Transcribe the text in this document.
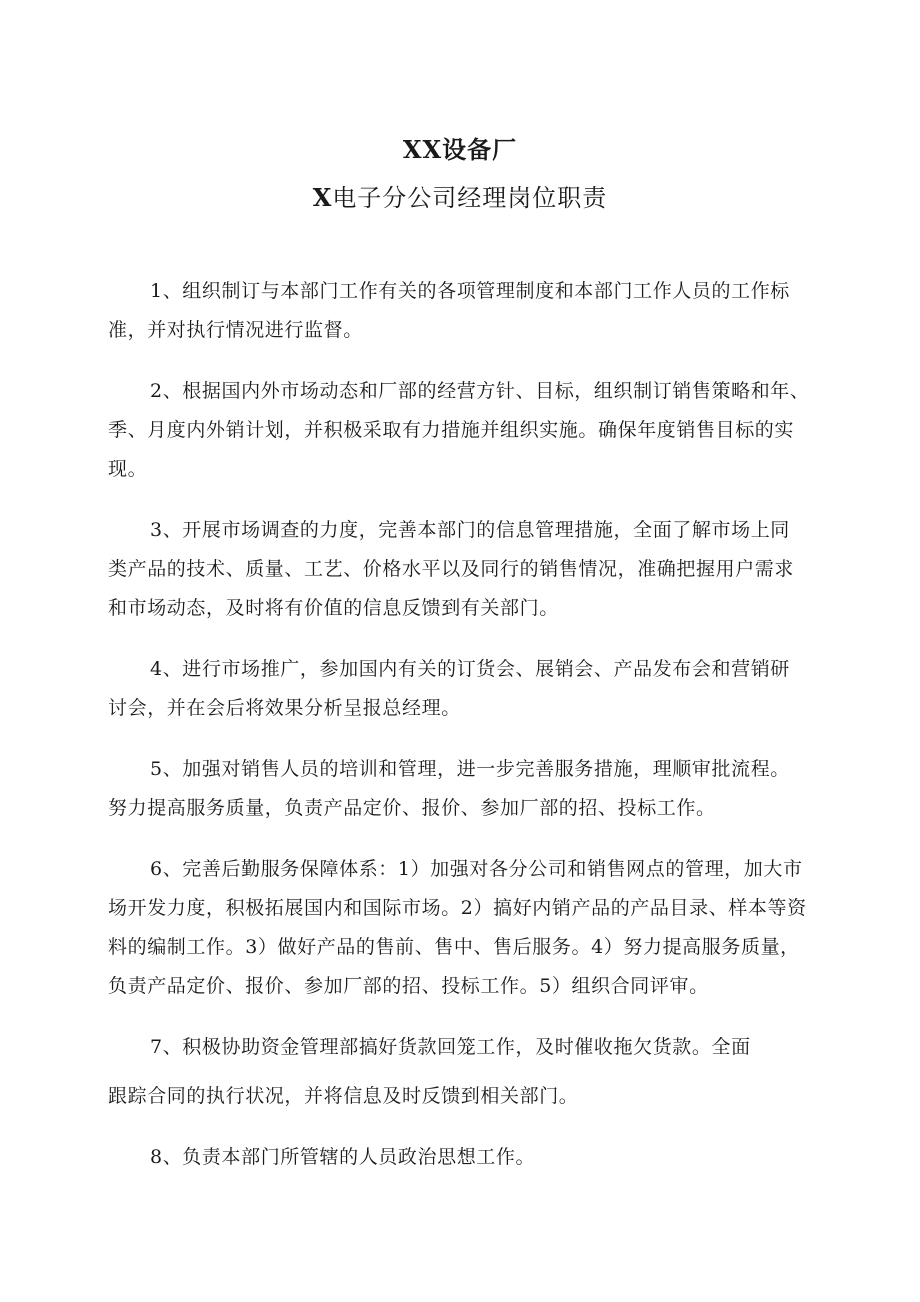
XX设备厂
X电子分公司经理岗位职责
1、组织制订与本部门工作有关的各项管理制度和本部门工作人员的工作标
准，并对执行情况进行监督。
2、根据国内外市场动态和厂部的经营方针、目标，组织制订销售策略和年、
季、月度内外销计划，并积极采取有力措施并组织实施。确保年度销售目标的实
现。
3、开展市场调查的力度，完善本部门的信息管理措施，全面了解市场上同
类产品的技术、质量、工艺、价格水平以及同行的销售情况，准确把握用户需求
和市场动态，及时将有价值的信息反馈到有关部门。
4、进行市场推广，参加国内有关的订货会、展销会、产品发布会和营销研
讨会，并在会后将效果分析呈报总经理。
5、加强对销售人员的培训和管理，进一步完善服务措施，理顺审批流程。
努力提高服务质量，负责产品定价、报价、参加厂部的招、投标工作。
6、完善后勤服务保障体系：1）加强对各分公司和销售网点的管理，加大市
场开发力度，积极拓展国内和国际市场。2）搞好内销产品的产品目录、样本等资
料的编制工作。3）做好产品的售前、售中、售后服务。4）努力提高服务质量，
负责产品定价、报价、参加厂部的招、投标工作。5）组织合同评审。
7、积极协助资金管理部搞好货款回笼工作，及时催收拖欠货款。全面
跟踪合同的执行状况，并将信息及时反馈到相关部门。
8、负责本部门所管辖的人员政治思想工作。
